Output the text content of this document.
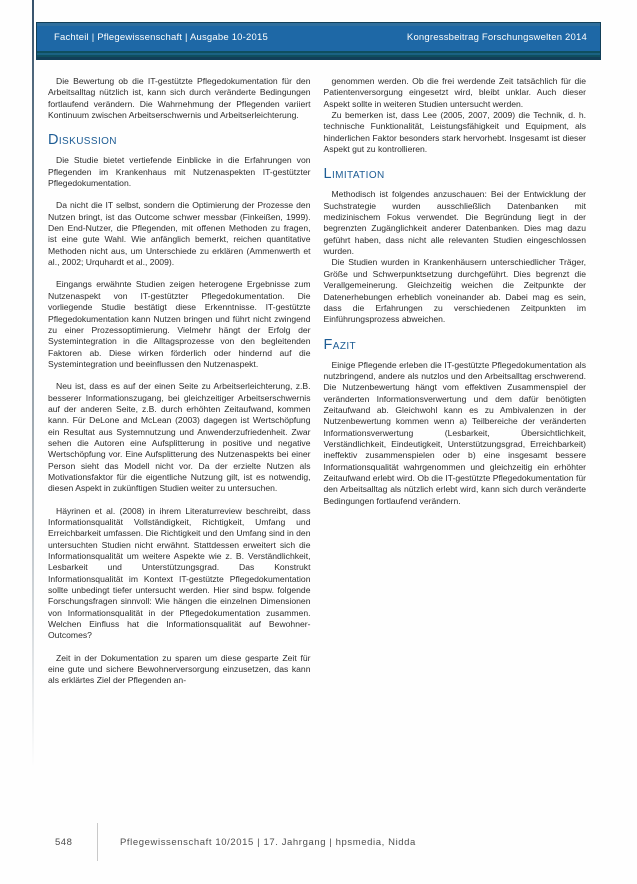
Fachteil | Pflegewissenschaft | Ausgabe 10-2015	Kongressbeitrag Forschungswelten 2014

Die Bewertung ob die IT-gestützte Pflegedokumentation für den Arbeitsalltag nützlich ist, kann sich durch veränderte Bedingungen fortlaufend verändern. Die Wahrnehmung der Pflegenden variiert Kontinuum zwischen Arbeitserschwernis und Arbeitserleichterung.

Diskussion

Die Studie bietet vertiefende Einblicke in die Erfahrungen von Pflegenden im Krankenhaus mit Nutzenaspekten IT-gestützter Pflegedokumentation.

Da nicht die IT selbst, sondern die Optimierung der Prozesse den Nutzen bringt, ist das Outcome schwer messbar (Finkeißen, 1999). Den End-Nutzer, die Pflegenden, mit offenen Methoden zu fragen, ist eine gute Wahl. Wie anfänglich bemerkt, reichen quantitative Methoden nicht aus, um Unterschiede zu erklären (Ammenwerth et al., 2002; Urquhardt et al., 2009).

Eingangs erwähnte Studien zeigen heterogene Ergebnisse zum Nutzenaspekt von IT-gestützter Pflegedokumentation. Die vorliegende Studie bestätigt diese Erkenntnisse. IT-gestützte Pflegedokumentation kann Nutzen bringen und führt nicht zwingend zu einer Prozessoptimierung. Vielmehr hängt der Erfolg der Systemintegration in die Alltagsprozesse von den begleitenden Faktoren ab. Diese wirken förderlich oder hindernd auf die Systemintegration und beeinflussen den Nutzenaspekt.

Neu ist, dass es auf der einen Seite zu Arbeitserleichterung, z.B. besserer Informationszugang, bei gleichzeitiger Arbeitserschwernis auf der anderen Seite, z.B. durch erhöhten Zeitaufwand, kommen kann. Für DeLone and McLean (2003) dagegen ist Wertschöpfung ein Resultat aus Systemnutzung und Anwenderzufriedenheit. Zwar sehen die Autoren eine Aufsplitterung in positive und negative Wertschöpfung vor. Eine Aufsplitterung des Nutzenaspekts bei einer Person sieht das Modell nicht vor. Da der erzielte Nutzen als Motivationsfaktor für die eigentliche Nutzung gilt, ist es notwendig, diesen Aspekt in zukünftigen Studien weiter zu untersuchen.

Häyrinen et al. (2008) in ihrem Literaturreview beschreibt, dass Informationsqualität Vollständigkeit, Richtigkeit, Umfang und Erreichbarkeit umfassen. Die Richtigkeit und den Umfang sind in den untersuchten Studien nicht erwähnt. Stattdessen erweitert sich die Informationsqualität um weitere Aspekte wie z. B. Verständlichkeit, Lesbarkeit und Unterstützungsgrad. Das Konstrukt Informationsqualität im Kontext IT-gestützte Pflegedokumentation sollte unbedingt tiefer untersucht werden. Hier sind bspw. folgende Forschungsfragen sinnvoll: Wie hängen die einzelnen Dimensionen von Informationsqualität in der Pflegedokumentation zusammen. Welchen Einfluss hat die Informationsqualität auf Bewohner-Outcomes?

Zeit in der Dokumentation zu sparen um diese gesparte Zeit für eine gute und sichere Bewohnerversorgung einzusetzen, das kann als erklärtes Ziel der Pflegenden an-

genommen werden. Ob die frei werdende Zeit tatsächlich für die Patientenversorgung eingesetzt wird, bleibt unklar. Auch dieser Aspekt sollte in weiteren Studien untersucht werden.

Zu bemerken ist, dass Lee (2005, 2007, 2009) die Technik, d. h. technische Funktionalität, Leistungsfähigkeit und Equipment, als hinderlichen Faktor besonders stark hervorhebt. Insgesamt ist dieser Aspekt gut zu kontrollieren.

Limitation

Methodisch ist folgendes anzuschauen: Bei der Entwicklung der Suchstrategie wurden ausschließlich Datenbanken mit medizinischem Fokus verwendet. Die Begründung liegt in der begrenzten Zugänglichkeit anderer Datenbanken. Dies mag dazu geführt haben, dass nicht alle relevanten Studien eingeschlossen wurden.

Die Studien wurden in Krankenhäusern unterschiedlicher Träger, Größe und Schwerpunktsetzung durchgeführt. Dies begrenzt die Verallgemeinerung. Gleichzeitig weichen die Zeitpunkte der Datenerhebungen erheblich voneinander ab. Dabei mag es sein, dass die Erfahrungen zu verschiedenen Zeitpunkten im Einführungsprozess abweichen.

Fazit

Einige Pflegende erleben die IT-gestützte Pflegedokumentation als nutzbringend, andere als nutzlos und den Arbeitsalltag erschwerend. Die Nutzenbewertung hängt vom effektiven Zusammenspiel der veränderten Informationsverwertung und dem dafür benötigten Zeitaufwand ab. Gleichwohl kann es zu Ambivalenzen in der Nutzenbewertung kommen wenn a) Teilbereiche der veränderten Informationsverwertung (Lesbarkeit, Übersichtlichkeit, Verständlichkeit, Eindeutigkeit, Unterstützungsgrad, Erreichbarkeit) ineffektiv zusammenspielen oder b) eine insgesamt bessere Informationsqualität wahrgenommen und gleichzeitig ein erhöhter Zeitaufwand erlebt wird. Ob die IT-gestützte Pflegedokumentation für den Arbeitsalltag als nützlich erlebt wird, kann sich durch veränderte Bedingungen fortlaufend verändern.

548	Pflegewissenschaft 10/2015 | 17. Jahrgang | hpsmedia, Nidda
